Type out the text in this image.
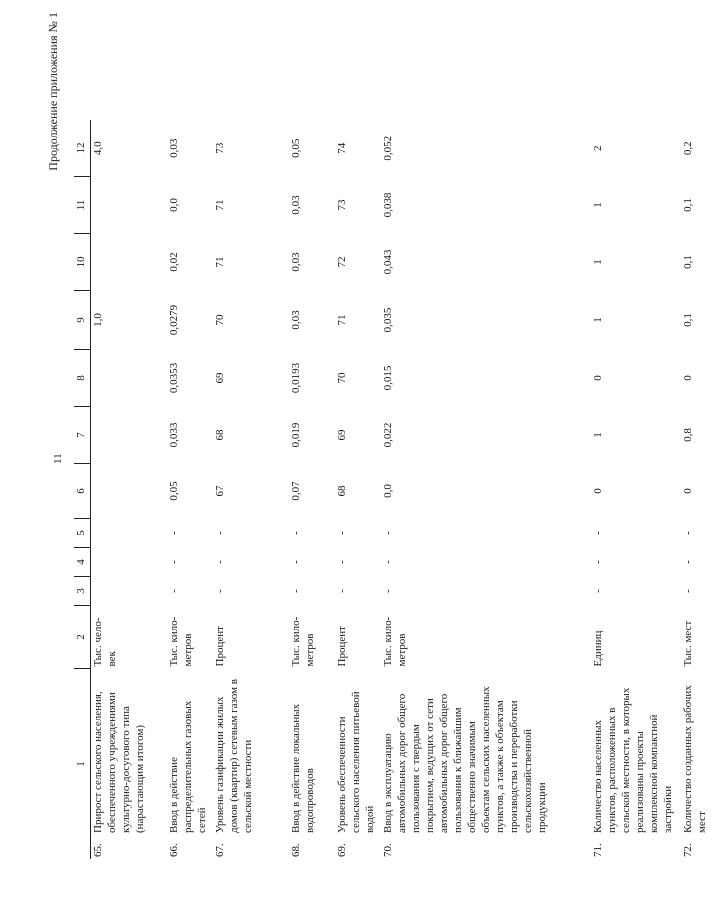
11
Продолжение приложения № 1
1	2	3	4	5	6	7	8	9	10	11	12
65.Прирост сельского населения, обеспеченного учреждениями культурно-досугового типа (нарастающим итогом)	Тыс. чело-век							1,0			4,0
66.Ввод в действие распределительных газовых сетей	Тыс. кило-метров	-	-	-	0,05	0,033	0,0353	0,0279	0,02	0,0	0,03
67.Уровень газификации жилых домов (квартир) сетевым газом в сельской местности	Процент	-	-	-	67	68	69	70	71	71	73
68.Ввод в действие локальных водопроводов	Тыс. кило-метров	-	-	-	0,07	0,019	0,0193	0,03	0,03	0,03	0,05
69.Уровень обеспеченности сельского населения питьевой водой	Процент	-	-	-	68	69	70	71	72	73	74
70.Ввод в эксплуатацию автомобильных дорог общего пользования с твердым покрытием, ведущих от сети автомобильных дорог общего пользования к ближайшим общественно значимым объектам сельских населенных пунктов, а также к объектам производства и переработки сельскохозяйственной продукции	Тыс. кило-метров	-	-	-	0,0	0,022	0,015	0,035	0,043	0,038	0,052
71.Количество населенных пунктов, расположенных в сельской местности, в которых реализованы проекты комплексной компактной застройки	Единиц	-	-	-	0	1	0	1	1	1	2
72.Количество созданных рабочих мест	Тыс. мест	-	-	-	0	0,8	0	0,1	0,1	0,1	0,2
